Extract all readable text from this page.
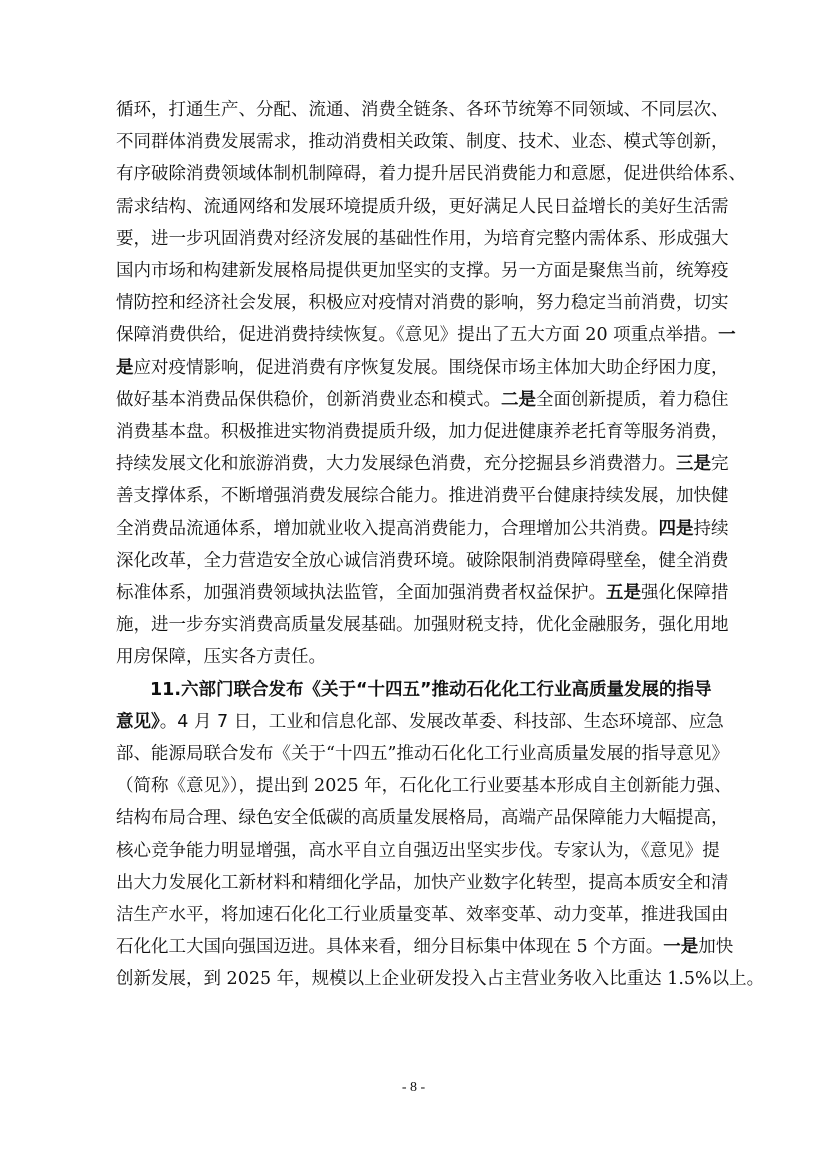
循环，打通生产、分配、流通、消费全链条、各环节统筹不同领域、不同层次、
不同群体消费发展需求，推动消费相关政策、制度、技术、业态、模式等创新，
有序破除消费领域体制机制障碍，着力提升居民消费能力和意愿，促进供给体系、
需求结构、流通网络和发展环境提质升级，更好满足人民日益增长的美好生活需
要，进一步巩固消费对经济发展的基础性作用，为培育完整内需体系、形成强大
国内市场和构建新发展格局提供更加坚实的支撑。另一方面是聚焦当前，统筹疫
情防控和经济社会发展，积极应对疫情对消费的影响，努力稳定当前消费，切实
保障消费供给，促进消费持续恢复。《意见》提出了五大方面 20 项重点举措。一
是应对疫情影响，促进消费有序恢复发展。围绕保市场主体加大助企纾困力度，
做好基本消费品保供稳价，创新消费业态和模式。二是全面创新提质，着力稳住
消费基本盘。积极推进实物消费提质升级，加力促进健康养老托育等服务消费，
持续发展文化和旅游消费，大力发展绿色消费，充分挖掘县乡消费潜力。三是完
善支撑体系，不断增强消费发展综合能力。推进消费平台健康持续发展，加快健
全消费品流通体系，增加就业收入提高消费能力，合理增加公共消费。四是持续
深化改革，全力营造安全放心诚信消费环境。破除限制消费障碍壁垒，健全消费
标准体系，加强消费领域执法监管，全面加强消费者权益保护。五是强化保障措
施，进一步夯实消费高质量发展基础。加强财税支持，优化金融服务，强化用地
用房保障，压实各方责任。
11.六部门联合发布《关于“十四五”推动石化化工行业高质量发展的指导
意见》。4 月 7 日，工业和信息化部、发展改革委、科技部、生态环境部、应急
部、能源局联合发布《关于“十四五”推动石化化工行业高质量发展的指导意见》
（简称《意见》），提出到 2025 年，石化化工行业要基本形成自主创新能力强、
结构布局合理、绿色安全低碳的高质量发展格局，高端产品保障能力大幅提高，
核心竞争能力明显增强，高水平自立自强迈出坚实步伐。专家认为，《意见》提
出大力发展化工新材料和精细化学品，加快产业数字化转型，提高本质安全和清
洁生产水平，将加速石化化工行业质量变革、效率变革、动力变革，推进我国由
石化化工大国向强国迈进。具体来看，细分目标集中体现在 5 个方面。一是加快
创新发展，到 2025 年，规模以上企业研发投入占主营业务收入比重达 1.5%以上。
- 8 -
